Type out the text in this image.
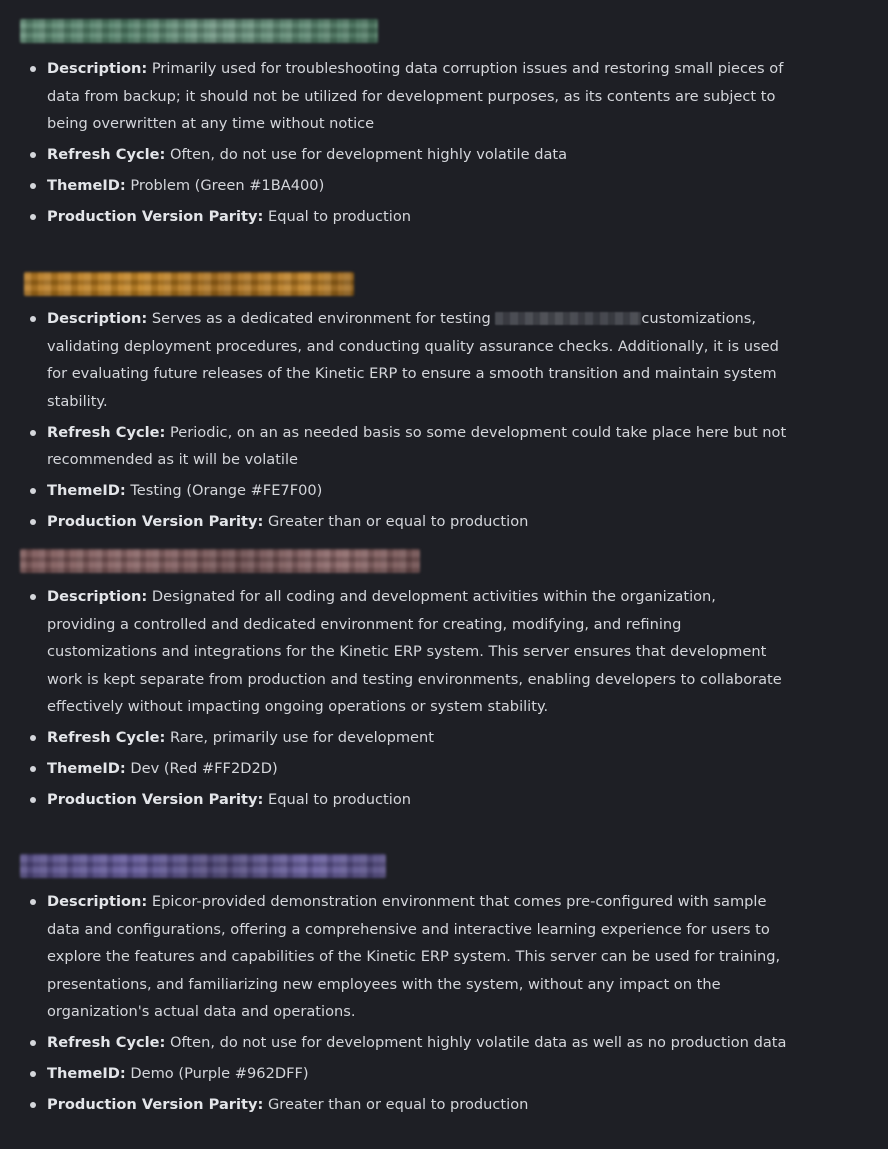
Description: Primarily used for troubleshooting data corruption issues and restoring small pieces of data from backup; it should not be utilized for development purposes, as its contents are subject to being overwritten at any time without notice
Refresh Cycle: Often, do not use for development highly volatile data
ThemeID: Problem (Green #1BA400)
Production Version Parity: Equal to production
Description: Serves as a dedicated environment for testing	customizations, validating deployment procedures, and conducting quality assurance checks. Additionally, it is used for evaluating future releases of the Kinetic ERP to ensure a smooth transition and maintain system stability.
Refresh Cycle: Periodic, on an as needed basis so some development could take place here but not recommended as it will be volatile
ThemeID: Testing (Orange #FE7F00)
Production Version Parity: Greater than or equal to production
Description: Designated for all coding and development activities within the organization, providing a controlled and dedicated environment for creating, modifying, and refining customizations and integrations for the Kinetic ERP system. This server ensures that development work is kept separate from production and testing environments, enabling developers to collaborate effectively without impacting ongoing operations or system stability.
Refresh Cycle: Rare, primarily use for development
ThemeID: Dev (Red #FF2D2D)
Production Version Parity: Equal to production
Description: Epicor-provided demonstration environment that comes pre-configured with sample data and configurations, offering a comprehensive and interactive learning experience for users to explore the features and capabilities of the Kinetic ERP system. This server can be used for training, presentations, and familiarizing new employees with the system, without any impact on the organization's actual data and operations.
Refresh Cycle: Often, do not use for development highly volatile data as well as no production data
ThemeID: Demo (Purple #962DFF)
Production Version Parity: Greater than or equal to production
